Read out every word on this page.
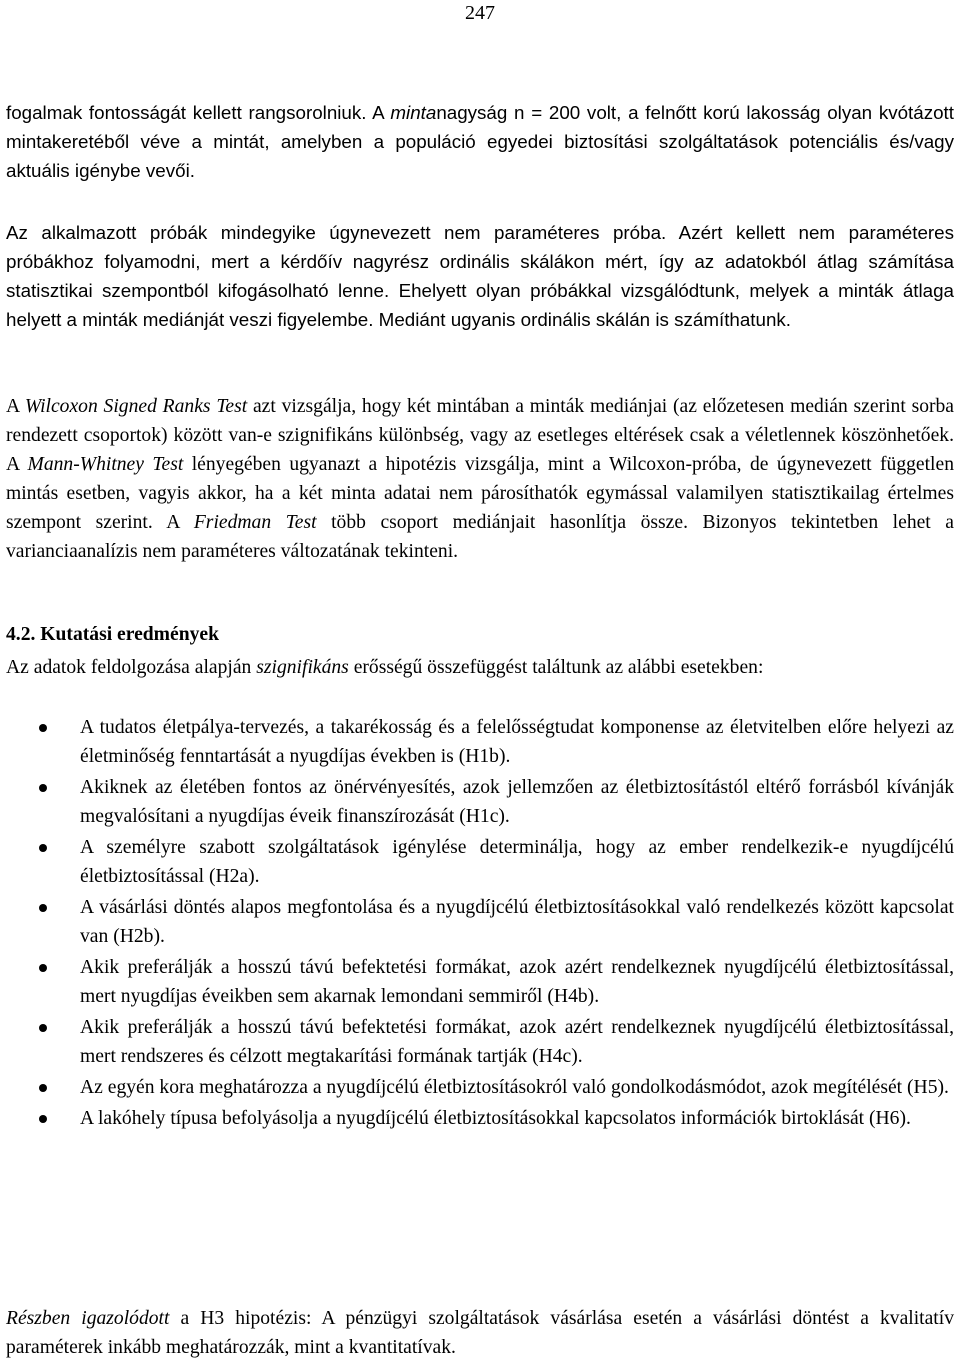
247

fogalmak fontosságát kellett rangsorolniuk. A mintanagyság n = 200 volt, a felnőtt korú lakosság olyan kvótázott mintakeretéből véve a mintát, amelyben a populáció egyedei biztosítási szolgáltatások potenciális és/vagy aktuális igénybe vevői.

Az alkalmazott próbák mindegyike úgynevezett nem paraméteres próba. Azért kellett nem paraméteres próbákhoz folyamodni, mert a kérdőív nagyrész ordinális skálákon mért, így az adatokból átlag számítása statisztikai szempontból kifogásolható lenne. Ehelyett olyan próbákkal vizsgálódtunk, melyek a minták átlaga helyett a minták mediánját veszi figyelembe. Mediánt ugyanis ordinális skálán is számíthatunk.

A Wilcoxon Signed Ranks Test azt vizsgálja, hogy két mintában a minták mediánjai (az előzetesen medián szerint sorba rendezett csoportok) között van-e szignifikáns különbség, vagy az esetleges eltérések csak a véletlennek köszönhetőek. A Mann-Whitney Test lényegében ugyanazt a hipotézis vizsgálja, mint a Wilcoxon-próba, de úgynevezett független mintás esetben, vagyis akkor, ha a két minta adatai nem párosíthatók egymással valamilyen statisztikailag értelmes szempont szerint. A Friedman Test több csoport mediánjait hasonlítja össze. Bizonyos tekintetben lehet a varianciaanalízis nem paraméteres változatának tekinteni.

4.2. Kutatási eredmények

Az adatok feldolgozása alapján szignifikáns erősségű összefüggést találtunk az alábbi esetekben:

A tudatos életpálya-tervezés, a takarékosság és a felelősségtudat komponense az életvitelben előre helyezi az életminőség fenntartását a nyugdíjas években is (H1b).
Akiknek az életében fontos az önérvényesítés, azok jellemzően az életbiztosítástól eltérő forrásból kívánják megvalósítani a nyugdíjas éveik finanszírozását (H1c).
A személyre szabott szolgáltatások igénylése determinálja, hogy az ember rendelkezik-e nyugdíjcélú életbiztosítással (H2a).
A vásárlási döntés alapos megfontolása és a nyugdíjcélú életbiztosításokkal való rendelkezés között kapcsolat van (H2b).
Akik preferálják a hosszú távú befektetési formákat, azok azért rendelkeznek nyugdíjcélú életbiztosítással, mert nyugdíjas éveikben sem akarnak lemondani semmiről (H4b).
Akik preferálják a hosszú távú befektetési formákat, azok azért rendelkeznek nyugdíjcélú életbiztosítással, mert rendszeres és célzott megtakarítási formának tartják (H4c).
Az egyén kora meghatározza a nyugdíjcélú életbiztosításokról való gondolkodásmódot, azok megítélését (H5).
A lakóhely típusa befolyásolja a nyugdíjcélú életbiztosításokkal kapcsolatos információk birtoklását (H6).

Részben igazolódott a H3 hipotézis: A pénzügyi szolgáltatások vásárlása esetén a vásárlási döntést a kvalitatív paraméterek inkább meghatározzák, mint a kvantitatívak.
